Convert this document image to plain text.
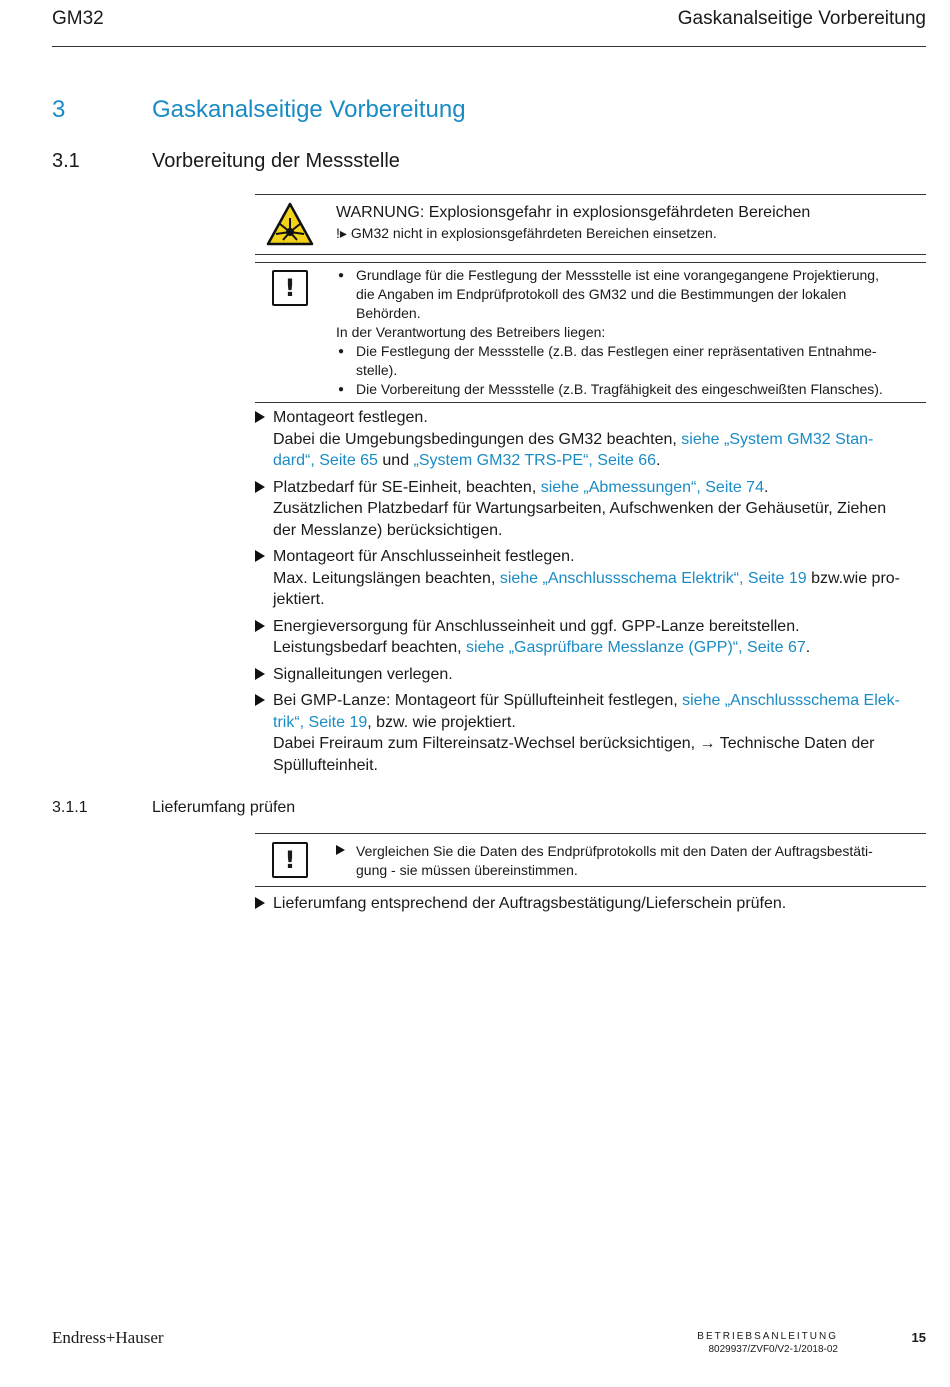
GM32	Gaskanalseitige Vorbereitung
3	Gaskanalseitige Vorbereitung
3.1	Vorbereitung der Messstelle
WARNUNG: Explosionsgefahr in explosionsgefährdeten Bereichen
!▸ GM32 nicht in explosionsgefährdeten Bereichen einsetzen.
!
●	Grundlage für die Festlegung der Messstelle ist eine vorangegangene Projektierung,
die Angaben im Endprüfprotokoll des GM32 und die Bestimmungen der lokalen
Behörden.
In der Verantwortung des Betreibers liegen:
● Die Festlegung der Messstelle (z.B. das Festlegen einer repräsentativen Entnahme-
stelle).
● Die Vorbereitung der Messstelle (z.B. Tragfähigkeit des eingeschweißten Flansches).
Montageort festlegen.
Dabei die Umgebungsbedingungen des GM32 beachten, siehe „System GM32 Stan-
dard“, Seite 65 und „System GM32 TRS-PE“, Seite 66.
Platzbedarf für SE-Einheit, beachten, siehe „Abmessungen“, Seite 74.
Zusätzlichen Platzbedarf für Wartungsarbeiten, Aufschwenken der Gehäusetür, Ziehen
der Messlanze) berücksichtigen.
Montageort für Anschlusseinheit festlegen.
Max. Leitungslängen beachten, siehe „Anschlussschema Elektrik“, Seite 19 bzw.wie pro-
jektiert.
Energieversorgung für Anschlusseinheit und ggf. GPP-Lanze bereitstellen.
Leistungsbedarf beachten, siehe „Gasprüfbare Messlanze (GPP)“, Seite 67.
Signalleitungen verlegen.
Bei GMP-Lanze: Montageort für Spüllufteinheit festlegen, siehe „Anschlussschema Elek-
trik“, Seite 19, bzw. wie projektiert.
Dabei Freiraum zum Filtereinsatz-Wechsel berücksichtigen, → Technische Daten der
Spüllufteinheit.
3.1.1	Lieferumfang prüfen
!	Vergleichen Sie die Daten des Endprüfprotokolls mit den Daten der Auftragsbestäti-
gung - sie müssen übereinstimmen.
Lieferumfang entsprechend der Auftragsbestätigung/Lieferschein prüfen.
Endress+Hauser	BETRIEBSANLEITUNG
8029937/ZVF0/V2-1/2018-02
15
